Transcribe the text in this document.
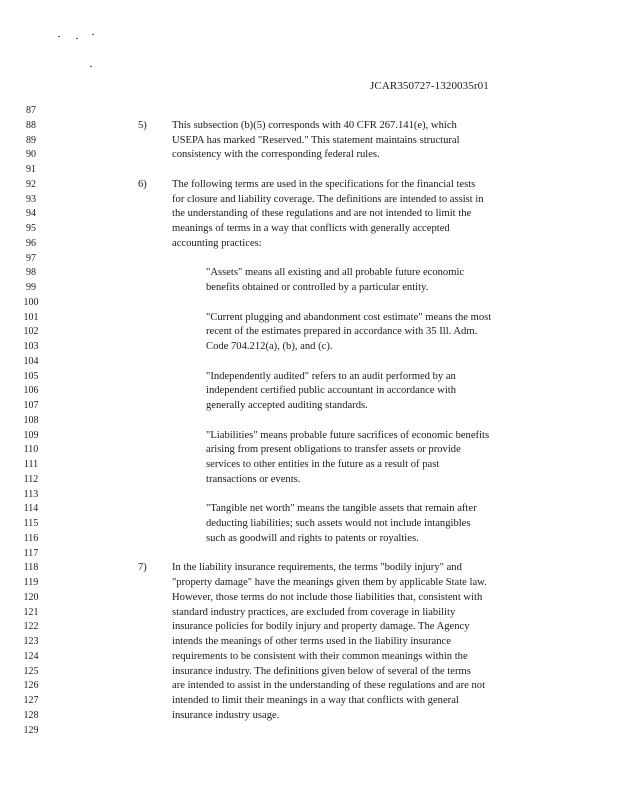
JCAR350727-1320035r01
87
88	5) This subsection (b)(5) corresponds with 40 CFR 267.141(e), which
89	USEPA has marked "Reserved." This statement maintains structural
90	consistency with the corresponding federal rules.
91
92	6) The following terms are used in the specifications for the financial tests
93	for closure and liability coverage. The definitions are intended to assist in
94	the understanding of these regulations and are not intended to limit the
95	meanings of terms in a way that conflicts with generally accepted
96	accounting practices:
97
98	"Assets" means all existing and all probable future economic
99	benefits obtained or controlled by a particular entity.
100
101	"Current plugging and abandonment cost estimate" means the most
102	recent of the estimates prepared in accordance with 35 Ill. Adm.
103	Code 704.212(a), (b), and (c).
104
105	"Independently audited" refers to an audit performed by an
106	independent certified public accountant in accordance with
107	generally accepted auditing standards.
108
109	"Liabilities" means probable future sacrifices of economic benefits
110	arising from present obligations to transfer assets or provide
111	services to other entities in the future as a result of past
112	transactions or events.
113
114	"Tangible net worth" means the tangible assets that remain after
115	deducting liabilities; such assets would not include intangibles
116	such as goodwill and rights to patents or royalties.
117
118	7) In the liability insurance requirements, the terms "bodily injury" and
119	"property damage" have the meanings given them by applicable State law.
120	However, those terms do not include those liabilities that, consistent with
121	standard industry practices, are excluded from coverage in liability
122	insurance policies for bodily injury and property damage. The Agency
123	intends the meanings of other terms used in the liability insurance
124	requirements to be consistent with their common meanings within the
125	insurance industry. The definitions given below of several of the terms
126	are intended to assist in the understanding of these regulations and are not
127	intended to limit their meanings in a way that conflicts with general
128	insurance industry usage.
129
